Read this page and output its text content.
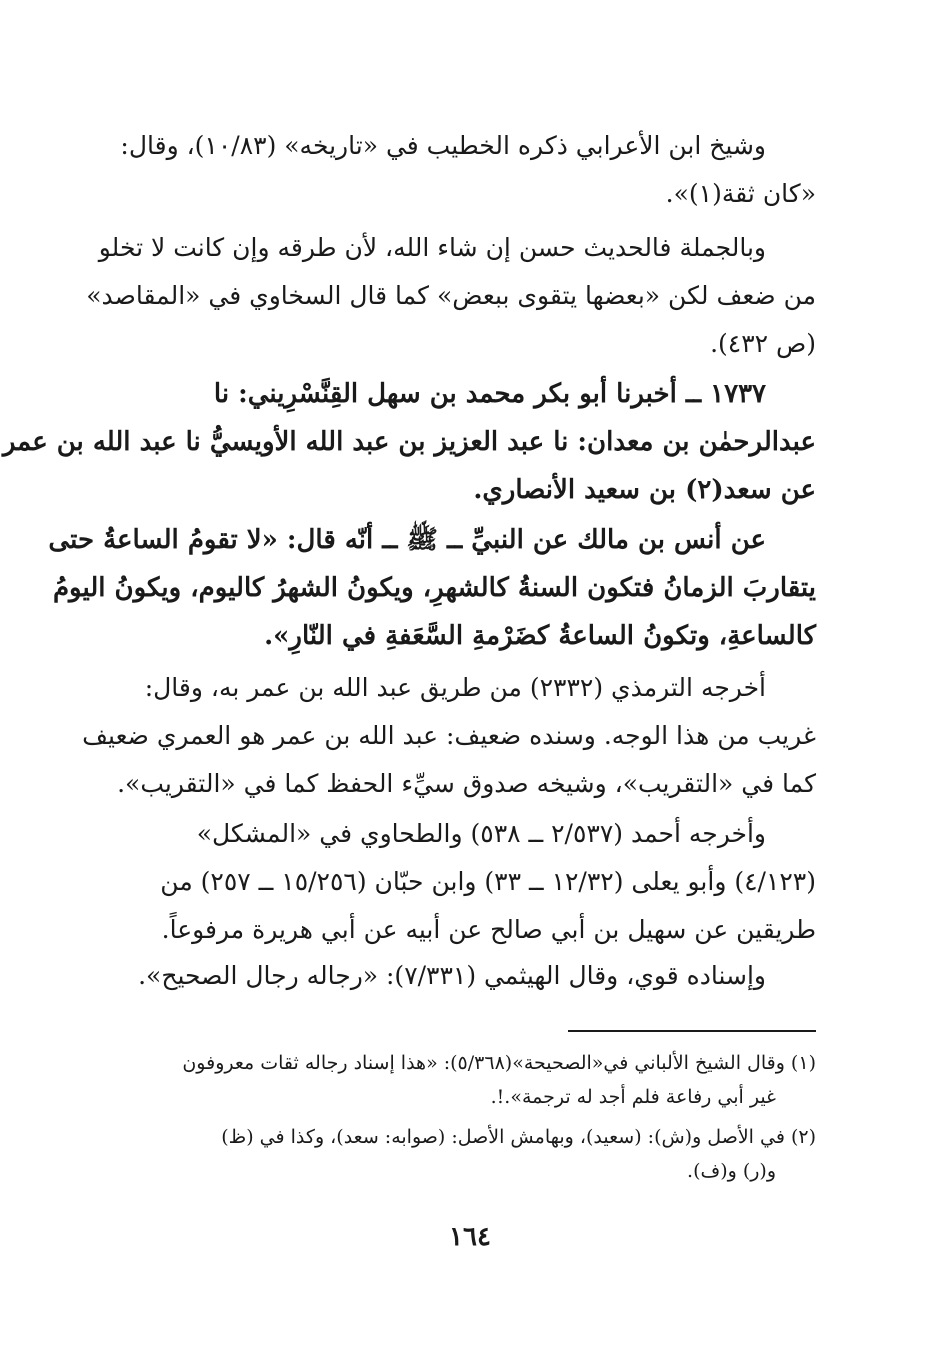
وشيخ ابن الأعرابي ذكره الخطيب في «تاريخه» (١٠/٨٣)، وقال:
«كان ثقة(١)».

وبالجملة فالحديث حسن إن شاء الله، لأن طرقه وإن كانت لا تخلو
من ضعف لكن «بعضها يتقوى ببعض» كما قال السخاوي في «المقاصد»
(ص ٤٣٢).

١٧٣٧ ــ أخبرنا أبو بكر محمد بن سهل القِنَّسْرِيني: نا
عبدالرحمٰن بن معدان: نا عبد العزيز بن عبد الله الأويسيُّ نا عبد الله بن عمر
عن سعد(٢) بن سعيد الأنصاري.

عن أنس بن مالك عن النبيِّ ــ ﷺ ــ أنّه قال: «لا تقومُ الساعةُ حتى
يتقاربَ الزمانُ فتكون السنةُ كالشهرِ، ويكونُ الشهرُ كاليوم، ويكونُ اليومُ
كالساعةِ، وتكونُ الساعةُ كضَرْمةِ السَّعَفةِ في النّارِ».

أخرجه الترمذي (٢٣٣٢) من طريق عبد الله بن عمر به، وقال:
غريب من هذا الوجه. وسنده ضعيف: عبد الله بن عمر هو العمري ضعيف
كما في «التقريب»، وشيخه صدوق سيِّء الحفظ كما في «التقريب».

وأخرجه أحمد (٢/٥٣٧ ــ ٥٣٨) والطحاوي في «المشكل»
(٤/١٢٣) وأبو يعلى (١٢/٣٢ ــ ٣٣) وابن حبّان (١٥/٢٥٦ ــ ٢٥٧) من
طريقين عن سهيل بن أبي صالح عن أبيه عن أبي هريرة مرفوعاً.

وإسناده قوي، وقال الهيثمي (٧/٣٣١): «رجاله رجال الصحيح».

(١) وقال الشيخ الألباني في«الصحيحة»(٥/٣٦٨): «هذا إسناد رجاله ثقات معروفون
غير أبي رفاعة فلم أجد له ترجمة».!.

(٢) في الأصل و(ش): (سعيد)، وبهامش الأصل: (صوابه: سعد)، وكذا في (ظ)
و(ر) و(ف).

١٦٤
